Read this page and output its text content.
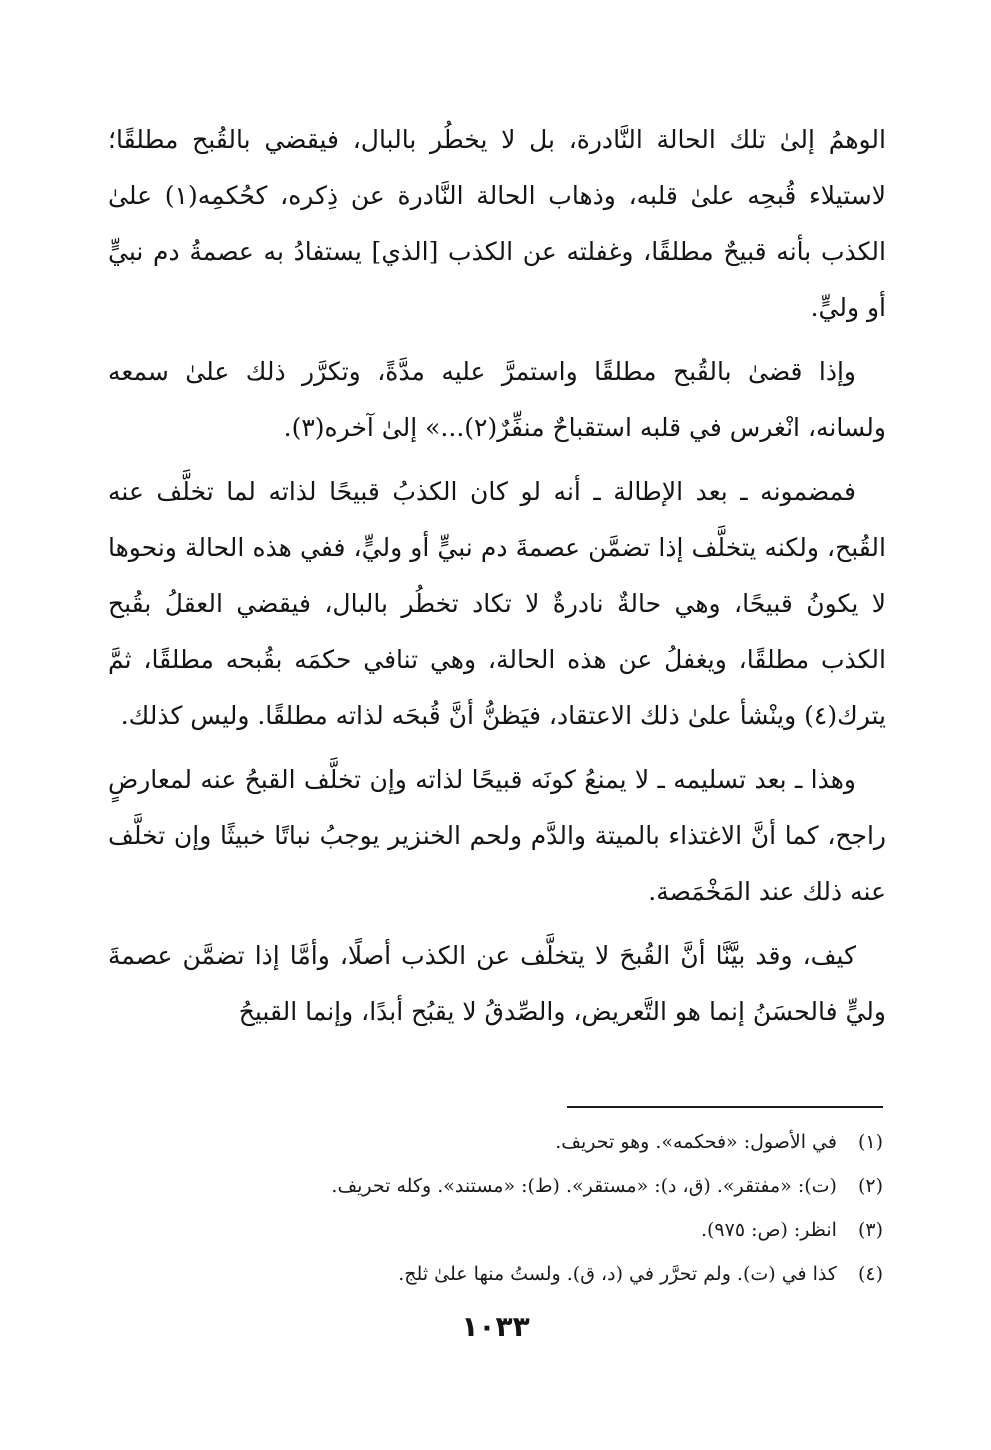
الوهمُ إلىٰ تلك الحالة النَّادرة، بل لا يخطُر بالبال، فيقضي بالقُبح مطلقًا؛ لاستيلاء قُبحِه علىٰ قلبه، وذهاب الحالة النَّادرة عن ذِكره، كحُكمِه(١) علىٰ الكذب بأنه قبيحٌ مطلقًا، وغفلته عن الكذب [الذي] يستفادُ به عصمةُ دم نبيٍّ أو وليٍّ.

وإذا قضىٰ بالقُبح مطلقًا واستمرَّ عليه مدَّةً، وتكرَّر ذلك علىٰ سمعه ولسانه، انْغرس في قلبه استقباحٌ منفِّرٌ(٢)...» إلىٰ آخره(٣).

فمضمونه ـ بعد الإطالة ـ أنه لو كان الكذبُ قبيحًا لذاته لما تخلَّف عنه القُبح، ولكنه يتخلَّف إذا تضمَّن عصمةَ دم نبيٍّ أو وليٍّ، ففي هذه الحالة ونحوها لا يكونُ قبيحًا، وهي حالةٌ نادرةٌ لا تكاد تخطُر بالبال، فيقضي العقلُ بقُبح الكذب مطلقًا، ويغفلُ عن هذه الحالة، وهي تنافي حكمَه بقُبحه مطلقًا، ثمَّ يترك(٤) وينْشأ علىٰ ذلك الاعتقاد، فيَظنُّ أنَّ قُبحَه لذاته مطلقًا. وليس كذلك.

وهذا ـ بعد تسليمه ـ لا يمنعُ كونَه قبيحًا لذاته وإن تخلَّف القبحُ عنه لمعارضٍ راجح، كما أنَّ الاغتذاء بالميتة والدَّم ولحم الخنزير يوجبُ نباتًا خبيثًا وإن تخلَّف عنه ذلك عند المَخْمَصة.

كيف، وقد بيَّنَّا أنَّ القُبحَ لا يتخلَّف عن الكذب أصلًا، وأمَّا إذا تضمَّن عصمةَ وليٍّ فالحسَنُ إنما هو التَّعريض، والصِّدقُ لا يقبُح أبدًا، وإنما القبيحُ

(١) في الأصول: «فحكمه». وهو تحريف.

(٢) (ت): «مفتقر». (ق، د): «مستقر». (ط): «مستند». وكله تحريف.

(٣) انظر: (ص: ٩٧٥).

(٤) كذا في (ت). ولم تحرَّر في (د، ق). ولستُ منها علىٰ ثلج.

١٠٣٣
